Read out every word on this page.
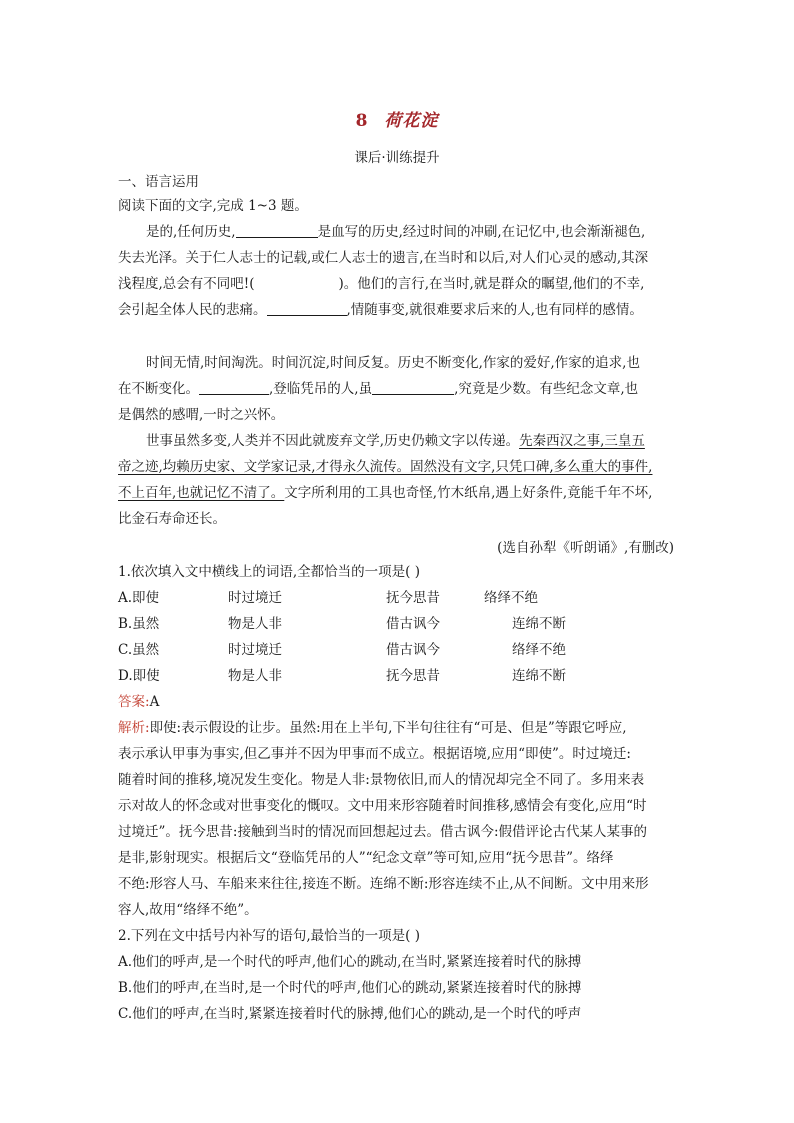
8 荷花淀
课后·训练提升
一、语言运用
阅读下面的文字,完成 1~3 题。
是的,任何历史,	是血写的历史,经过时间的冲刷,在记忆中,也会渐渐褪色,
失去光泽。关于仁人志士的记载,或仁人志士的遗言,在当时和以后,对人们心灵的感动,其深
浅程度,总会有不同吧!(	)。他们的言行,在当时,就是群众的瞩望,他们的不幸,
会引起全体人民的悲痛。	,情随事变,就很难要求后来的人,也有同样的感情。
时间无情,时间淘洗。时间沉淀,时间反复。历史不断变化,作家的爱好,作家的追求,也
在不断变化。	,登临凭吊的人,虽	,究竟是少数。有些纪念文章,也
是偶然的感喟,一时之兴怀。
世事虽然多变,人类并不因此就废弃文学,历史仍赖文字以传递。先秦西汉之事,三皇五
帝之迹,均赖历史家、文学家记录,才得永久流传。固然没有文字,只凭口碑,多么重大的事件,
不上百年,也就记忆不清了。文字所利用的工具也奇怪,竹木纸帛,遇上好条件,竟能千年不坏,
比金石寿命还长。
(选自孙犁《听朗诵》,有删改)
1.依次填入文中横线上的词语,全都恰当的一项是( )
A.即使	时过境迁	抚今思昔	络绎不绝
B.虽然	物是人非	借古讽今	连绵不断
C.虽然	时过境迁	借古讽今	络绎不绝
D.即使	物是人非	抚今思昔	连绵不断
答案:A
解析:即使:表示假设的让步。虽然:用在上半句,下半句往往有“可是、但是”等跟它呼应,
表示承认甲事为事实,但乙事并不因为甲事而不成立。根据语境,应用“即使”。时过境迁:
随着时间的推移,境况发生变化。物是人非:景物依旧,而人的情况却完全不同了。多用来表
示对故人的怀念或对世事变化的慨叹。文中用来形容随着时间推移,感情会有变化,应用“时
过境迁”。抚今思昔:接触到当时的情况而回想起过去。借古讽今:假借评论古代某人某事的
是非,影射现实。根据后文“登临凭吊的人”“纪念文章”等可知,应用“抚今思昔”。络绎
不绝:形容人马、车船来来往往,接连不断。连绵不断:形容连续不止,从不间断。文中用来形
容人,故用“络绎不绝”。
2.下列在文中括号内补写的语句,最恰当的一项是( )
A.他们的呼声,是一个时代的呼声,他们心的跳动,在当时,紧紧连接着时代的脉搏
B.他们的呼声,在当时,是一个时代的呼声,他们心的跳动,紧紧连接着时代的脉搏
C.他们的呼声,在当时,紧紧连接着时代的脉搏,他们心的跳动,是一个时代的呼声
